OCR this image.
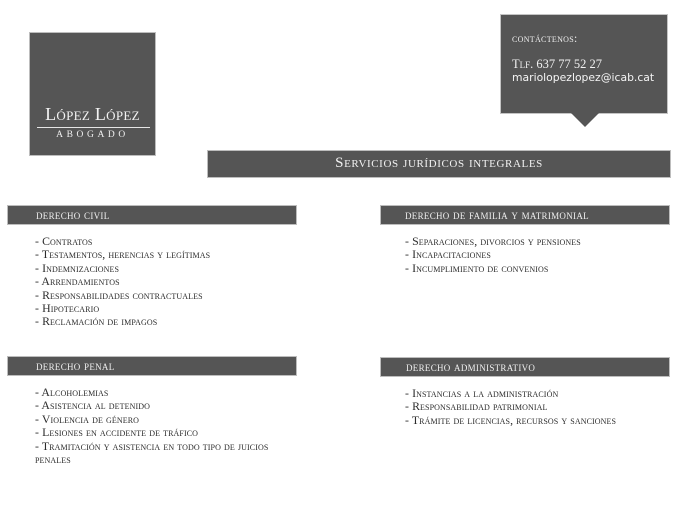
López López
ABOGADO
contáctenos:
Tlf. 637 77 52 27
mariolopezlopez@icab.cat
Servicios jurídicos integrales
derecho civil
- Contratos
- Testamentos, herencias y legítimas
- Indemnizaciones
- Arrendamientos
- Responsabilidades contractuales
- Hipotecario
- Reclamación de impagos
derecho de familia y matrimonial
- Separaciones, divorcios y pensiones
- Incapacitaciones
- Incumplimiento de convenios
derecho penal
- Alcoholemias
- Asistencia al detenido
- Violencia de género
- Lesiones en accidente de tráfico
- Tramitación y asistencia en todo tipo de juicios penales
derecho administrativo
- Instancias a la administración
- Responsabilidad patrimonial
- Trámite de licencias, recursos y sanciones
